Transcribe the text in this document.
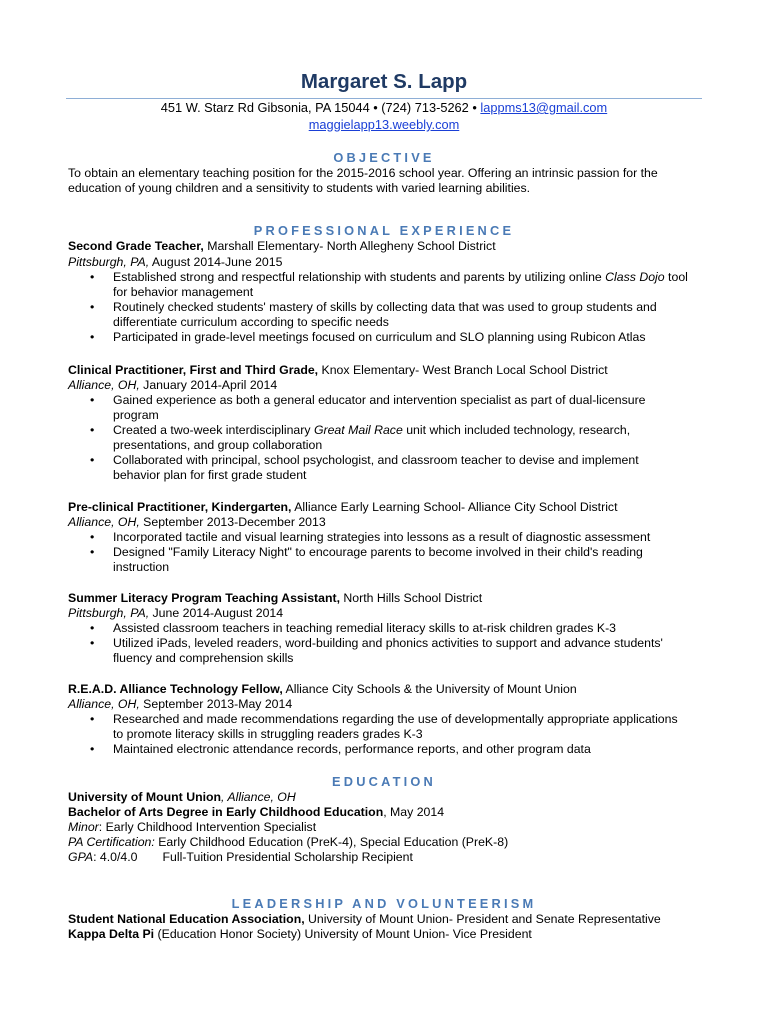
Margaret S. Lapp
451 W. Starz Rd Gibsonia, PA 15044 • (724) 713-5262 • lappms13@gmail.com
maggielapp13.weebly.com
OBJECTIVE
To obtain an elementary teaching position for the 2015-2016 school year. Offering an intrinsic passion for the
education of young children and a sensitivity to students with varied learning abilities.
PROFESSIONAL EXPERIENCE
Second Grade Teacher, Marshall Elementary- North Allegheny School District
Pittsburgh, PA, August 2014-June 2015
• Established strong and respectful relationship with students and parents by utilizing online Class Dojo tool
for behavior management
• Routinely checked students' mastery of skills by collecting data that was used to group students and
differentiate curriculum according to specific needs
• Participated in grade-level meetings focused on curriculum and SLO planning using Rubicon Atlas
Clinical Practitioner, First and Third Grade, Knox Elementary- West Branch Local School District
Alliance, OH, January 2014-April 2014
• Gained experience as both a general educator and intervention specialist as part of dual-licensure
program
• Created a two-week interdisciplinary Great Mail Race unit which included technology, research,
presentations, and group collaboration
• Collaborated with principal, school psychologist, and classroom teacher to devise and implement
behavior plan for first grade student
Pre-clinical Practitioner, Kindergarten, Alliance Early Learning School- Alliance City School District
Alliance, OH, September 2013-December 2013
• Incorporated tactile and visual learning strategies into lessons as a result of diagnostic assessment
• Designed "Family Literacy Night" to encourage parents to become involved in their child's reading
instruction
Summer Literacy Program Teaching Assistant, North Hills School District
Pittsburgh, PA, June 2014-August 2014
• Assisted classroom teachers in teaching remedial literacy skills to at-risk children grades K-3
• Utilized iPads, leveled readers, word-building and phonics activities to support and advance students'
fluency and comprehension skills
R.E.A.D. Alliance Technology Fellow, Alliance City Schools & the University of Mount Union
Alliance, OH, September 2013-May 2014
• Researched and made recommendations regarding the use of developmentally appropriate applications
to promote literacy skills in struggling readers grades K-3
• Maintained electronic attendance records, performance reports, and other program data
EDUCATION
University of Mount Union, Alliance, OH
Bachelor of Arts Degree in Early Childhood Education, May 2014
Minor: Early Childhood Intervention Specialist
PA Certification: Early Childhood Education (PreK-4), Special Education (PreK-8)
GPA: 4.0/4.0 Full-Tuition Presidential Scholarship Recipient
LEADERSHIP AND VOLUNTEERISM
Student National Education Association, University of Mount Union- President and Senate Representative
Kappa Delta Pi (Education Honor Society) University of Mount Union- Vice President
